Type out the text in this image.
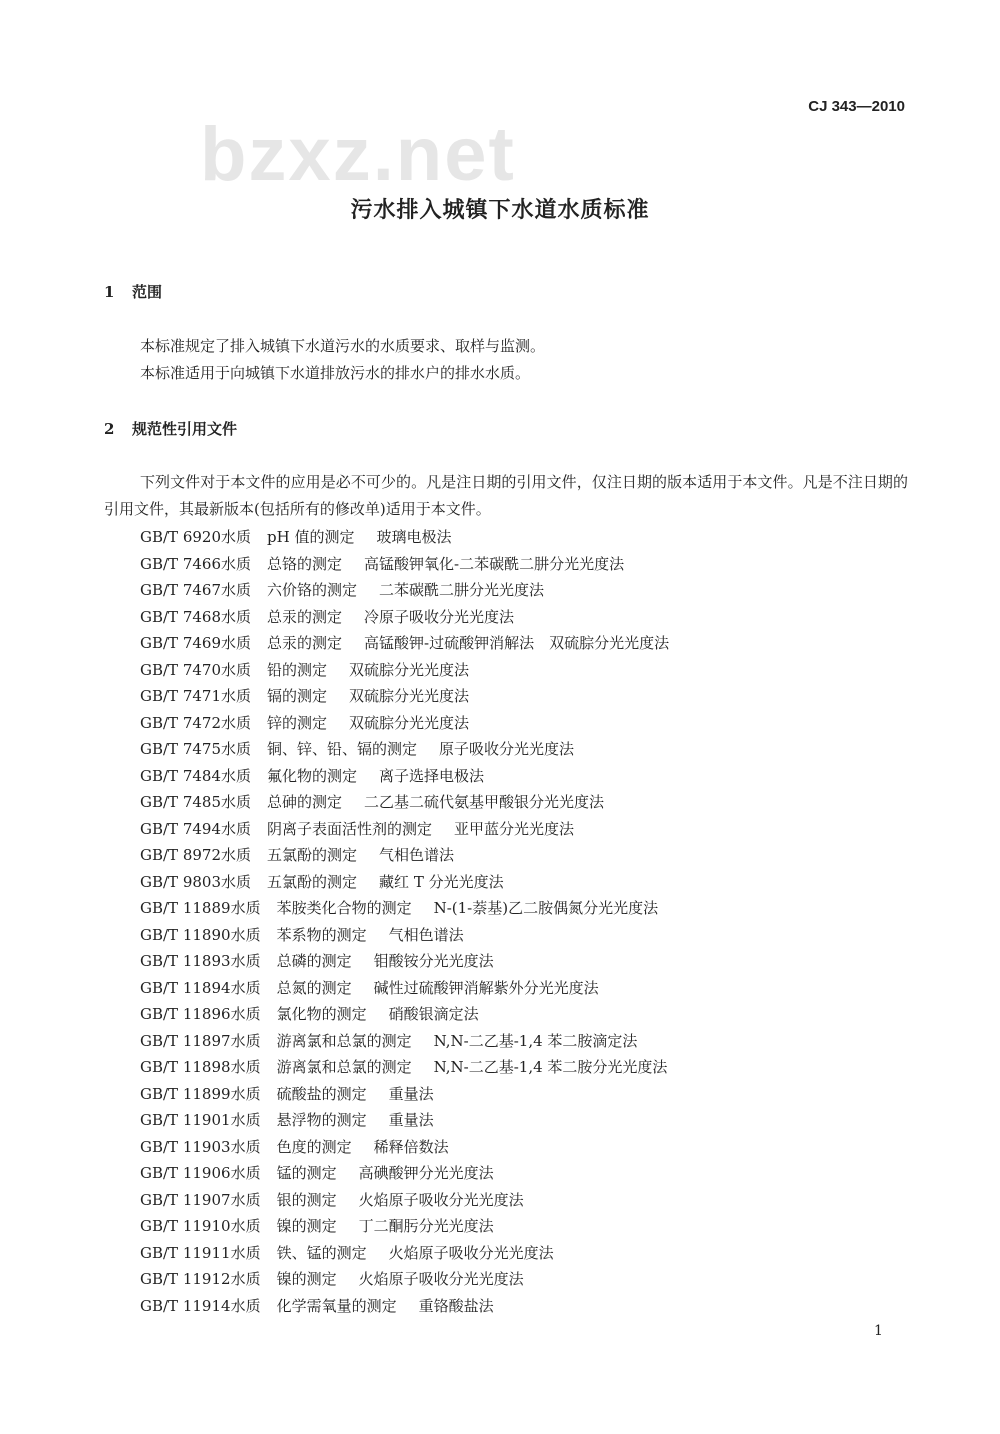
CJ 343—2010
bzxz.net
污水排入城镇下水道水质标准
1 范围
本标准规定了排入城镇下水道污水的水质要求、取样与监测。
本标准适用于向城镇下水道排放污水的排水户的排水水质。
2 规范性引用文件
下列文件对于本文件的应用是必不可少的。凡是注日期的引用文件，仅注日期的版本适用于本文件。凡是不注日期的引用文件，其最新版本(包括所有的修改单)适用于本文件。
GB/T 6920水质 pH 值的测定 玻璃电极法
GB/T 7466水质 总铬的测定 高锰酸钾氧化-二苯碳酰二肼分光光度法
GB/T 7467水质 六价铬的测定 二苯碳酰二肼分光光度法
GB/T 7468水质 总汞的测定 冷原子吸收分光光度法
GB/T 7469水质 总汞的测定 高锰酸钾-过硫酸钾消解法　双硫腙分光光度法
GB/T 7470水质 铅的测定 双硫腙分光光度法
GB/T 7471水质 镉的测定 双硫腙分光光度法
GB/T 7472水质 锌的测定 双硫腙分光光度法
GB/T 7475水质 铜、锌、铅、镉的测定 原子吸收分光光度法
GB/T 7484水质 氟化物的测定 离子选择电极法
GB/T 7485水质 总砷的测定 二乙基二硫代氨基甲酸银分光光度法
GB/T 7494水质 阴离子表面活性剂的测定 亚甲蓝分光光度法
GB/T 8972水质 五氯酚的测定 气相色谱法
GB/T 9803水质 五氯酚的测定 藏红 T 分光光度法
GB/T 11889水质 苯胺类化合物的测定 N-(1-萘基)乙二胺偶氮分光光度法
GB/T 11890水质 苯系物的测定 气相色谱法
GB/T 11893水质 总磷的测定 钼酸铵分光光度法
GB/T 11894水质 总氮的测定 碱性过硫酸钾消解紫外分光光度法
GB/T 11896水质 氯化物的测定 硝酸银滴定法
GB/T 11897水质 游离氯和总氯的测定 N,N-二乙基-1,4 苯二胺滴定法
GB/T 11898水质 游离氯和总氯的测定 N,N-二乙基-1,4 苯二胺分光光度法
GB/T 11899水质 硫酸盐的测定 重量法
GB/T 11901水质 悬浮物的测定 重量法
GB/T 11903水质 色度的测定 稀释倍数法
GB/T 11906水质 锰的测定 高碘酸钾分光光度法
GB/T 11907水质 银的测定 火焰原子吸收分光光度法
GB/T 11910水质 镍的测定 丁二酮肟分光光度法
GB/T 11911水质 铁、锰的测定 火焰原子吸收分光光度法
GB/T 11912水质 镍的测定 火焰原子吸收分光光度法
GB/T 11914水质 化学需氧量的测定 重铬酸盐法
1
